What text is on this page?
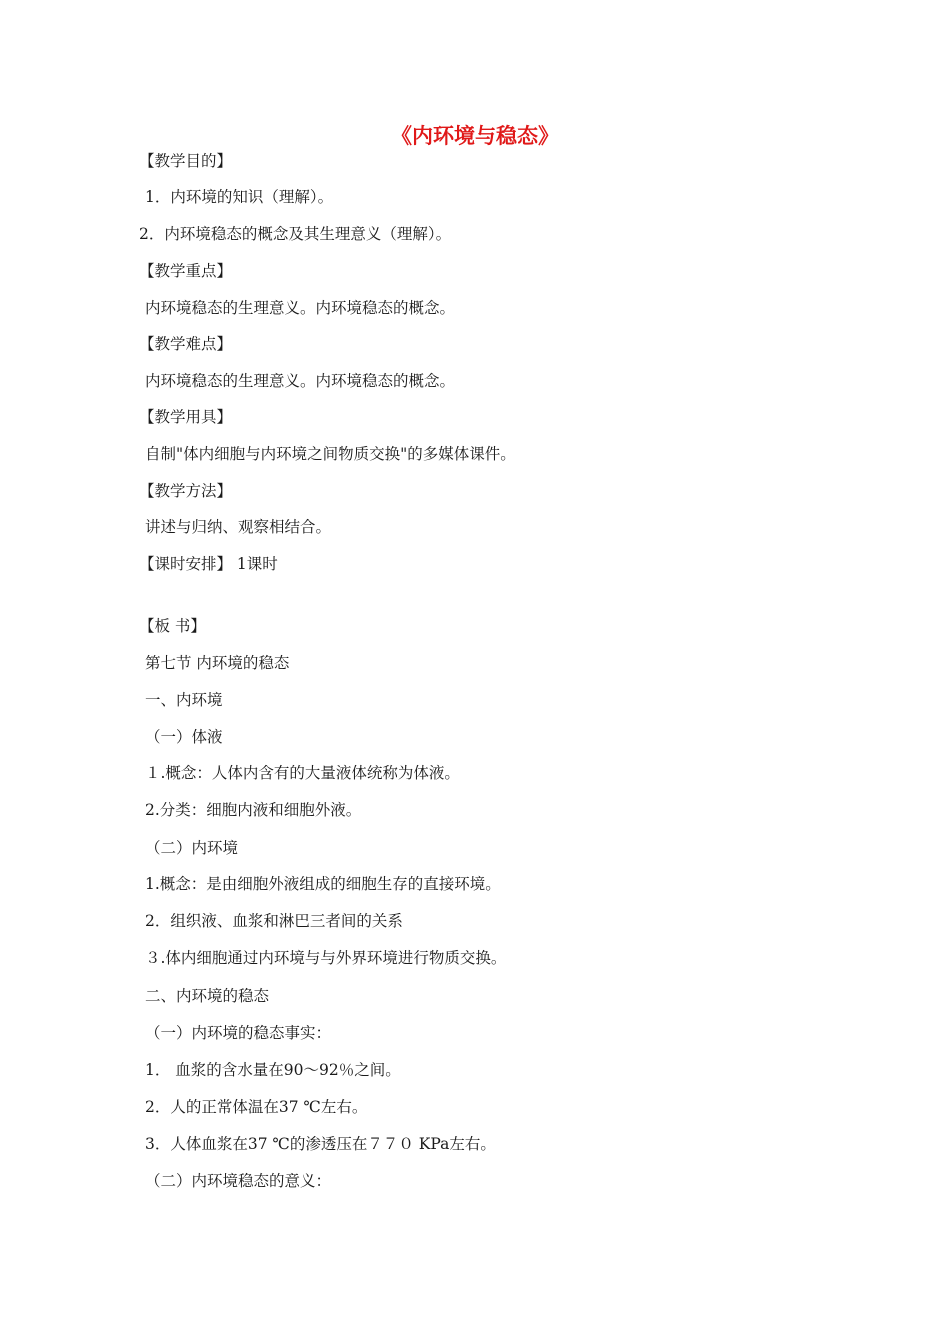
《内环境与稳态》
【教学目的】
1．内环境的知识（理解）。
2．内环境稳态的概念及其生理意义（理解）。
【教学重点】
内环境稳态的生理意义。内环境稳态的概念。
【教学难点】
内环境稳态的生理意义。内环境稳态的概念。
【教学用具】
自制"体内细胞与内环境之间物质交换"的多媒体课件。
【教学方法】
讲述与归纳、观察相结合。
【课时安排】 1课时
【板 书】
第七节 内环境的稳态
一、内环境
（一）体液
１.概念：人体内含有的大量液体统称为体液。
2.分类：细胞内液和细胞外液。
（二）内环境
1.概念：是由细胞外液组成的细胞生存的直接环境。
2．组织液、血浆和淋巴三者间的关系
３.体内细胞通过内环境与与外界环境进行物质交换。
二、内环境的稳态
（一）内环境的稳态事实：
1． 血浆的含水量在90～92％之间。
2．人的正常体温在37 ℃左右。
3．人体血浆在37 ℃的渗透压在７７０ KPa左右。
（二）内环境稳态的意义：
